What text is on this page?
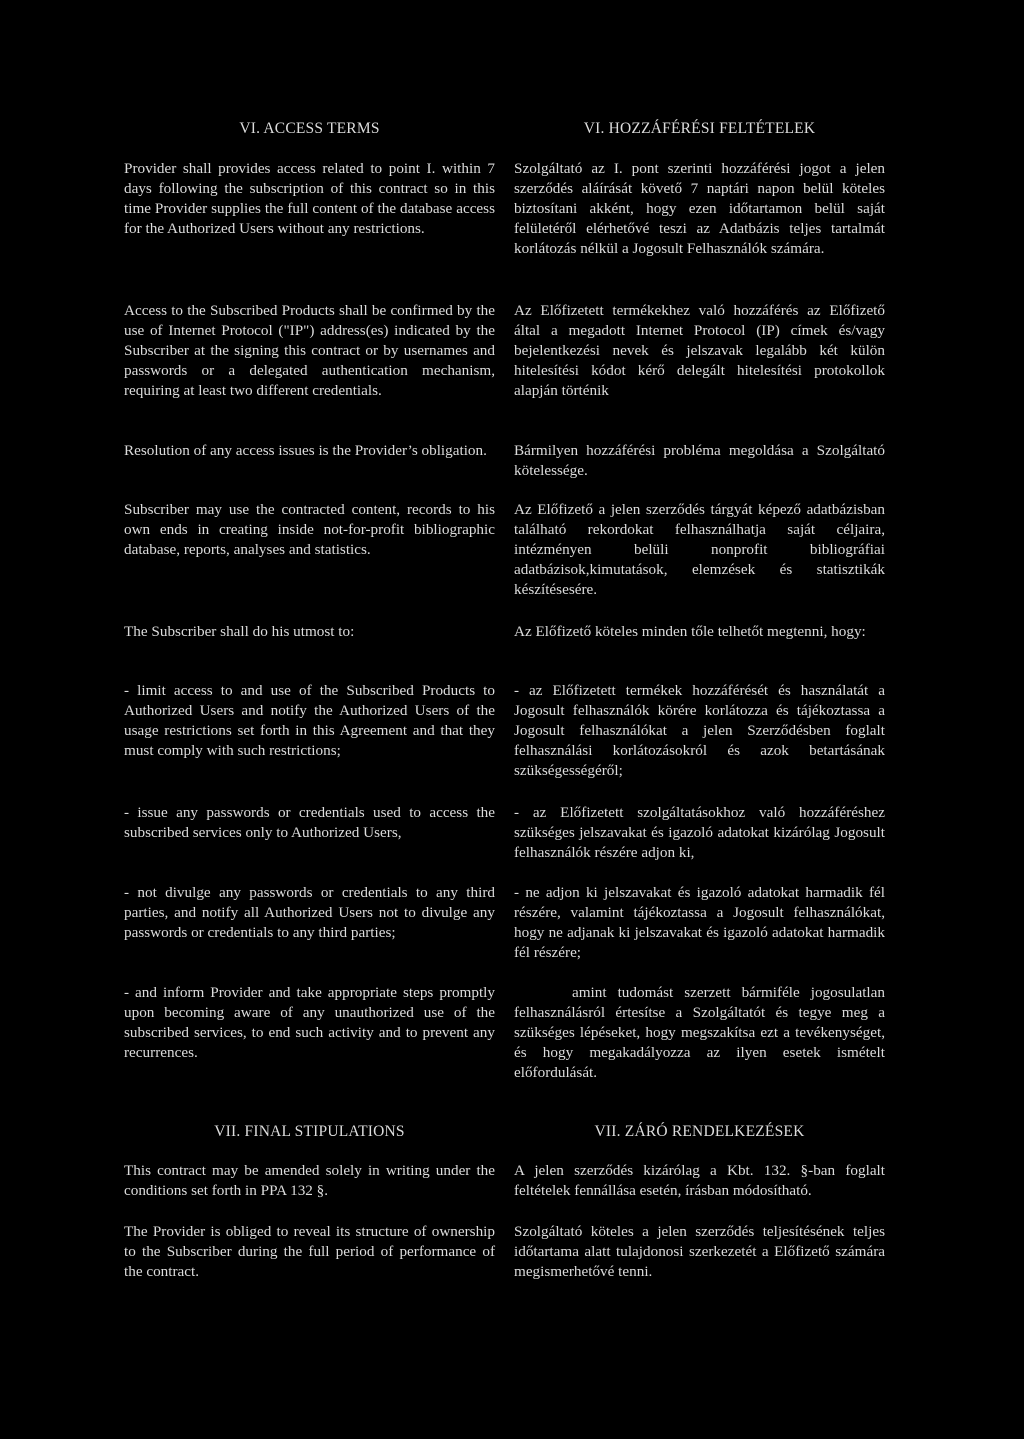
VI. ACCESS TERMS

Provider shall provides access related to point I. within 7 days following the subscription of this contract so in this time Provider supplies the full content of the database access for the Authorized Users without any restrictions.

Access to the Subscribed Products shall be confirmed by the use of Internet Protocol ("IP") address(es) indicated by the Subscriber at the signing this contract or by usernames and passwords or a delegated authentication mechanism, requiring at least two different credentials.

Resolution of any access issues is the Provider’s obligation.

Subscriber may use the contracted content, records to his own ends in creating inside not-for-profit bibliographic database, reports, analyses and statistics.

The Subscriber shall do his utmost to:

- limit access to and use of the Subscribed Products to Authorized Users and notify the Authorized Users of the usage restrictions set forth in this Agreement and that they must comply with such restrictions;

- issue any passwords or credentials used to access the subscribed services only to Authorized Users,

- not divulge any passwords or credentials to any third parties, and notify all Authorized Users not to divulge any passwords or credentials to any third parties;

- and inform Provider and take appropriate steps promptly upon becoming aware of any unauthorized use of the subscribed services, to end such activity and to prevent any recurrences.

VII. FINAL STIPULATIONS

This contract may be amended solely in writing under the conditions set forth in PPA 132 §.

The Provider is obliged to reveal its structure of ownership to the Subscriber during the full period of performance of the contract.

VI. HOZZÁFÉRÉSI FELTÉTELEK

Szolgáltató az I. pont szerinti hozzáférési jogot a jelen szerződés aláírását követő 7 naptári napon belül köteles biztosítani akként, hogy ezen időtartamon belül saját felületéről elérhetővé teszi az Adatbázis teljes tartalmát korlátozás nélkül a Jogosult Felhasználók számára.

Az Előfizetett termékekhez való hozzáférés az Előfizető által a megadott Internet Protocol (IP) címek és/vagy bejelentkezési nevek és jelszavak legalább két külön hitelesítési kódot kérő delegált hitelesítési protokollok alapján történik

Bármilyen hozzáférési probléma megoldása a Szolgáltató kötelessége.

Az Előfizető a jelen szerződés tárgyát képező adatbázisban található rekordokat felhasználhatja saját céljaira, intézményen belüli nonprofit bibliográfiai adatbázisok,kimutatások, elemzések és statisztikák készítésesére.

Az Előfizető köteles minden tőle telhetőt megtenni, hogy:

- az Előfizetett termékek hozzáférését és használatát a Jogosult felhasználók körére korlátozza és tájékoztassa a Jogosult felhasználókat a jelen Szerződésben foglalt felhasználási korlátozásokról és azok betartásának szükségességéről;

- az Előfizetett szolgáltatásokhoz való hozzáféréshez szükséges jelszavakat és igazoló adatokat kizárólag Jogosult felhasználók részére adjon ki,

- ne adjon ki jelszavakat és igazoló adatokat harmadik fél részére, valamint tájékoztassa a Jogosult felhasználókat, hogy ne adjanak ki jelszavakat és igazoló adatokat harmadik fél részére;

amint tudomást szerzett bármiféle jogosulatlan felhasználásról értesítse a Szolgáltatót és tegye meg a szükséges lépéseket, hogy megszakítsa ezt a tevékenységet, és hogy megakadályozza az ilyen esetek ismételt előfordulását.

VII. ZÁRÓ RENDELKEZÉSEK

A jelen szerződés kizárólag a Kbt. 132. §-ban foglalt feltételek fennállása esetén, írásban módosítható.

Szolgáltató köteles a jelen szerződés teljesítésének teljes időtartama alatt tulajdonosi szerkezetét a Előfizető számára megismerhetővé tenni.
